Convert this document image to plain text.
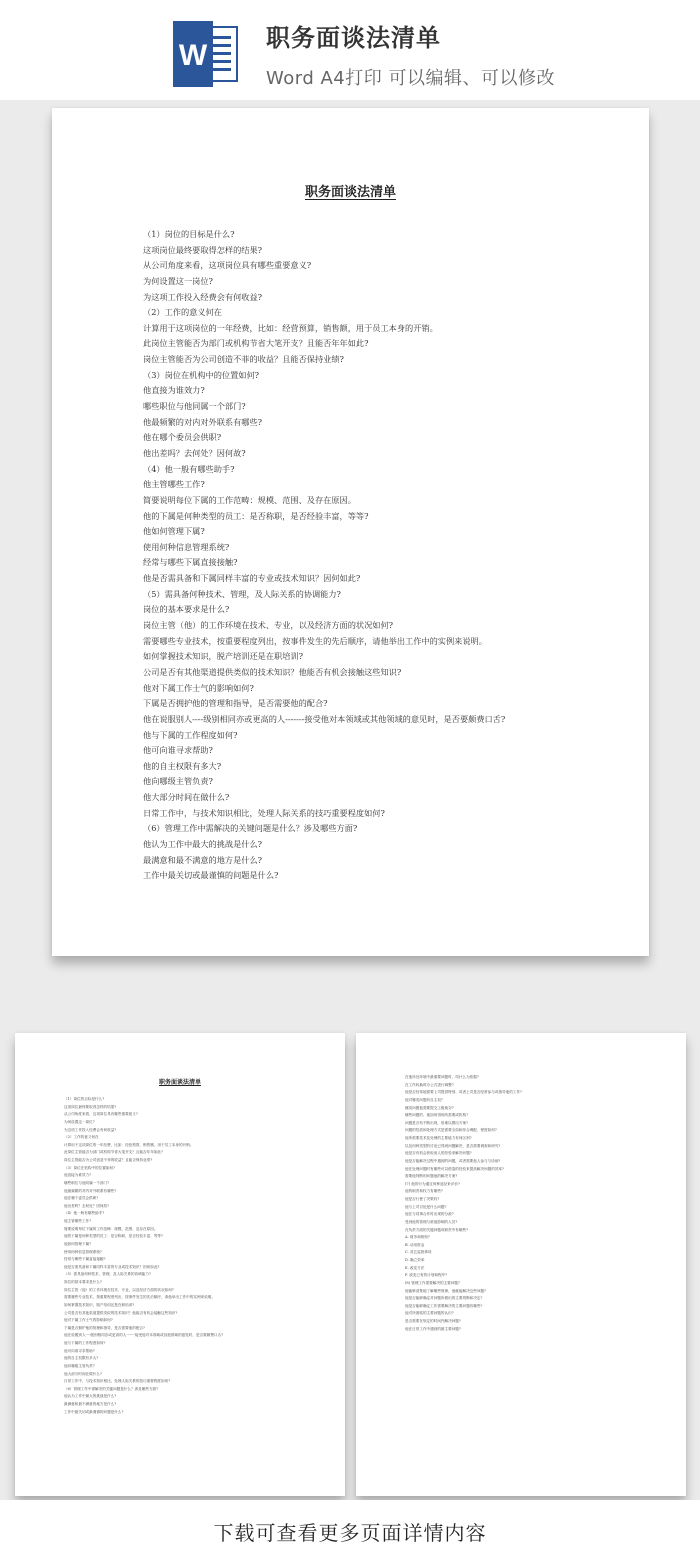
W
职务面谈法清单
Word A4打印 可以编辑、可以修改
职务面谈法清单
（1）岗位的目标是什么?
这项岗位最终要取得怎样的结果?
从公司角度来看，这项岗位具有哪些重要意义?
为何设置这一岗位?
为这项工作投入经费会有何收益?
（2）工作的意义何在
计算用于这项岗位的一年经费，比如：经营预算，销售额，用于员工本身的开销。
此岗位主管能否为部门或机构节省大笔开支？且能否年年如此?
岗位主管能否为公司创造不菲的收益？且能否保持业绩?
（3）岗位在机构中的位置如何?
他直接为谁效力?
哪些职位与他同属一个部门?
他最频繁的对内对外联系有哪些?
他在哪个委员会供职?
他出差吗？去何处？因何故?
（4）他一般有哪些助手?
他主管哪些工作?
简要说明每位下属的工作范畴：规模、范围、及存在原因。
他的下属是何种类型的员工：是否称职，是否经验丰富，等等?
他如何管理下属?
使用何种信息管理系统?
经常与哪些下属直接接触?
他是否需具备和下属同样丰富的专业或技术知识？因何如此?
（5）需具备何种技术、管理，及人际关系的协调能力?
岗位的基本要求是什么?
岗位主管（他）的工作环境在技术、专业，以及经济方面的状况如何?
需要哪些专业技术，按重要程度列出，按事件发生的先后顺序，请他举出工作中的实例来说明。
如何掌握技术知识，脱产培训还是在职培训?
公司是否有其他渠道提供类似的技术知识？他能否有机会接触这些知识?
他对下属工作士气的影响如何?
下属是否拥护他的管理和指导，是否需要他的配合?
他在说服别人----级别相同亦或更高的人-------接受他对本领域或其他领域的意见时，是否要颇费口舌?
他与下属的工作程度如何?
他可向谁寻求帮助?
他的自主权限有多大?
他向哪级主管负责?
他大部分时间在做什么?
日常工作中，与技术知识相比，处理人际关系的技巧重要程度如何?
（6）管理工作中需解决的关键问题是什么？涉及哪些方面?
他认为工作中最大的挑战是什么?
最满意和最不满意的地方是什么?
工作中最关切或最谨慎的问题是什么?
职务面谈法清单
（1）岗位的目标是什么?
这项岗位最终要取得怎样的结果?
从公司角度来看，这项岗位具有哪些重要意义?
为何设置这一岗位?
为这项工作投入经费会有何收益?
（2）工作的意义何在
计算用于这项岗位的一年经费，比如：经营预算，销售额，用于员工本身的开销。
此岗位主管能否为部门或机构节省大笔开支？且能否年年如此?
岗位主管能否为公司创造不菲的收益？且能否保持业绩?
（3）岗位在机构中的位置如何?
他直接为谁效力?
哪些职位与他同属一个部门?
他最频繁的对内对外联系有哪些?
他在哪个委员会供职?
他出差吗？去何处？因何故?
（4）他一般有哪些助手?
他主管哪些工作?
简要说明每位下属的工作范畴：规模、范围、及存在原因。
他的下属是何种类型的员工：是否称职，是否经验丰富，等等?
他如何管理下属?
使用何种信息管理系统?
经常与哪些下属直接接触?
他是否需具备和下属同样丰富的专业或技术知识？因何如此?
（5）需具备何种技术、管理，及人际关系的协调能力?
岗位的基本要求是什么?
岗位主管（他）的工作环境在技术、专业，以及经济方面的状况如何?
需要哪些专业技术，按重要程度列出，按事件发生的先后顺序，请他举出工作中的实例来说明。
如何掌握技术知识，脱产培训还是在职培训?
公司是否有其他渠道提供类似的技术知识？他能否有机会接触这些知识?
他对下属工作士气的影响如何?
下属是否拥护他的管理和指导，是否需要他的配合?
他在说服别人----级别相同亦或更高的人-------接受他对本领域或其他领域的意见时，是否要颇费口舌?
他与下属的工作程度如何?
他可向谁寻求帮助?
他的自主权限有多大?
他向哪级主管负责?
他大部分时间在做什么?
日常工作中，与技术知识相比，处理人际关系的技巧重要程度如何?
（6）管理工作中需解决的关键问题是什么？涉及哪些方面?
他认为工作中最大的挑战是什么?
最满意和最不满意的地方是什么?
工作中最关切或最谨慎的问题是什么?
在他所处环境中最重要问题时，均什么为依据?
在工作转换时办公式进行调整?
他是否经常地需要上司提供特别、或者上司是否经常参与或指导他的工作?
他对哪类问题有自主权?
哪类问题他需要提交上级裁夺?
哪些问题的、他如何得到所需要或机构?
问题是否有不断出现，但难以摸出方案?
问题的性质和处理方式是需要全局和综合调配、程度如何?
他所需要技术及处理的主要能力有何区别?
以及何种类型的讨论已得到问题解决，是否需要调查和研究?
他是否有机会获取前人的经验来解决问题?
他是否能解决过程中遇到的问题，或者需要他人参与与协助?
他在处理问题时有哪些可以借鉴的经验来提高解决问题的效率?
需要他判断的问题他的解决方案?
(7) 他的行为通过何种途径来评价?
他的职责和权力有哪些?
他是否行使了决策权?
他与上司讨论是什么问题?
他在与同事合作时出现的分歧?
受到他的管理与被他影响的人员?
在负责方面的关键问题或职责中有哪些?
A. 财务和规则?
B. 动用资金
C. 其它监督事项
D. 确立效率
E. 改变方法
F. 改变已有的计划和程序?
(8) 管理工作需要解决的主要问题?
他能够清楚地了解哪些规律，他就能解决这些问题?
他是否能够确定对问题所做出的主要判断和决定?
他是否能够确定工作需要解决的主要问题有哪些?
他对所面临的主要问题的认识?
是否需要在规定的时间内解决问题?
他在日常工作中遇到的最主要问题?
下载可查看更多页面详情内容
